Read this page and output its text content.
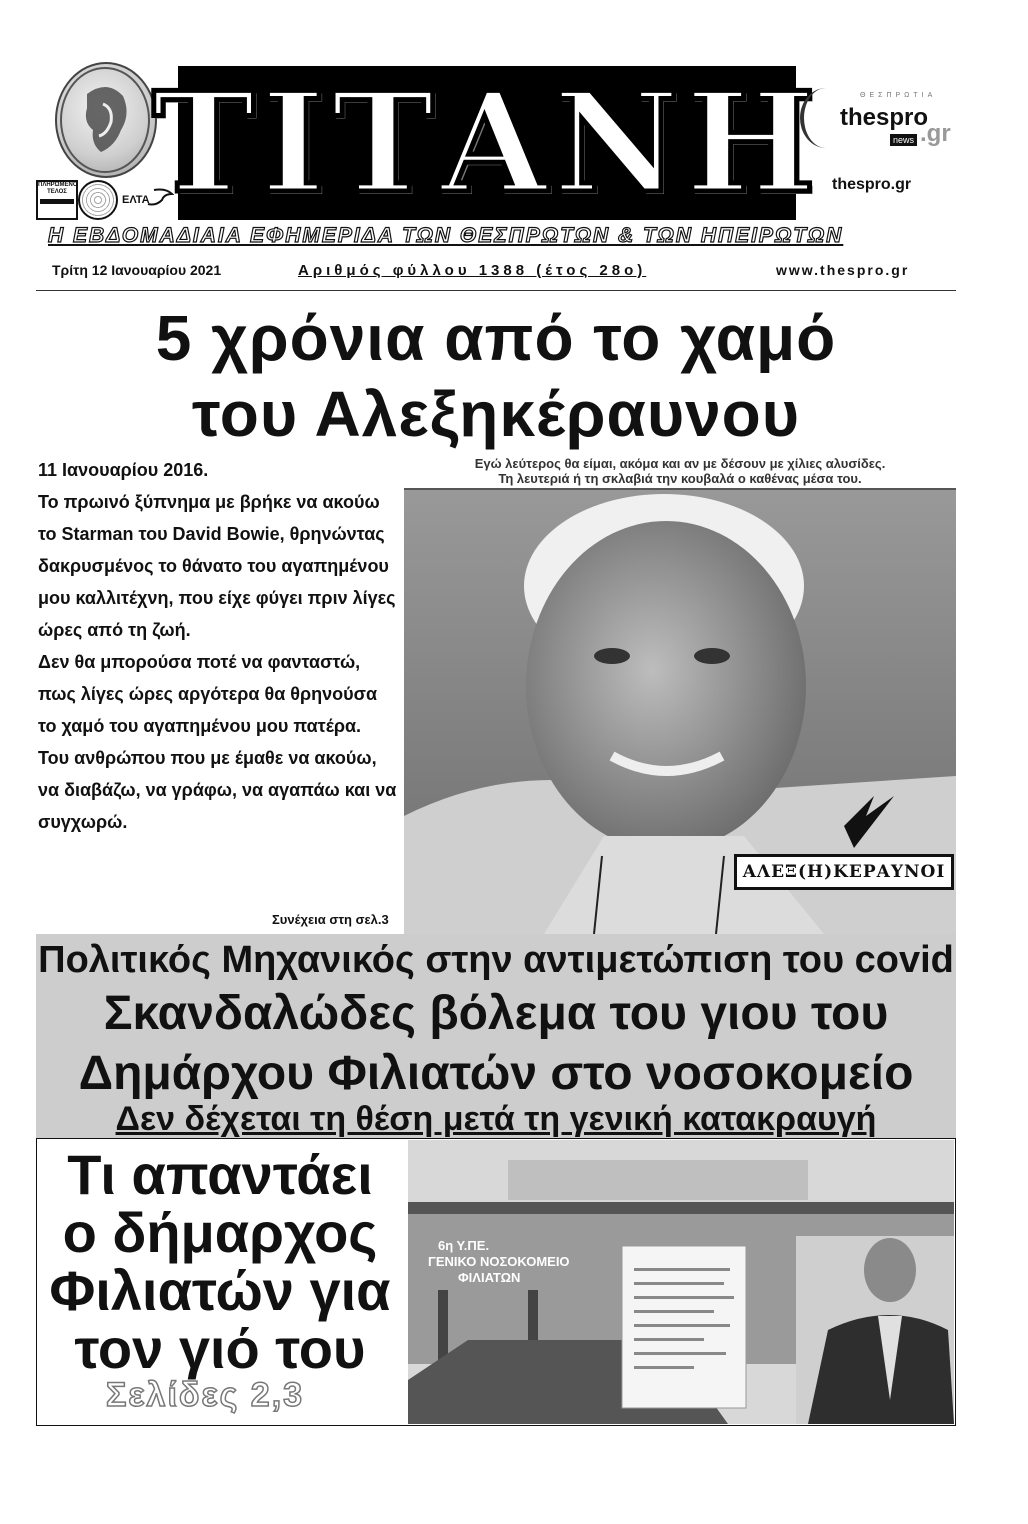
ΠΛΗΡΩΜΕΝΟ
ΤΕΛΟΣ
ΕΛΤΑ ΤΙΤΑΝΗ	ΘΕΣΠΡΩΤΙΑ
thespro
.gr
news
thespro.gr
Η ΕΒΔΟΜΑΔΙΑΙΑ ΕΦΗΜΕΡΙΔΑ ΤΩΝ ΘΕΣΠΡΩΤΩΝ & ΤΩΝ ΗΠΕΙΡΩΤΩΝ
Τρίτη 12 Ιανουαρίου 2021	Αριθμός φύλλου 1388 (έτος 28ο)	www.thespro.gr
5 χρόνια από το χαμό
του Αλεξηκέραυνου

11 Ιανουαρίου 2016.

Το πρωινό ξύπνημα με βρήκε να ακούω το Starman του David Bowie, θρηνώντας δακρυσμένος το θάνατο του αγαπημένου μου καλλιτέχνη, που είχε φύγει πριν λίγες ώρες από τη ζωή.

Δεν θα μπορούσα ποτέ να φανταστώ, πως λίγες ώρες αργότερα θα θρηνούσα το χαμό του αγαπημένου μου πατέρα.

Του ανθρώπου που με έμαθε να ακούω, να διαβάζω, να γράφω, να αγαπάω και να συγχωρώ.

Συνέχεια στη σελ.3
Εγώ λεύτερος θα είμαι, ακόμα και αν με δέσουν με χίλιες αλυσίδες.
Τη λευτεριά ή τη σκλαβιά την κουβαλά ο καθένας μέσα του.
ΑΛΕΞ(Η)ΚΕΡΑΥΝΟΙ
Πολιτικός Μηχανικός στην αντιμετώπιση του covid
Σκανδαλώδες βόλεμα του γιου του
Δημάρχου Φιλιατών στο νοσοκομείο
Δεν δέχεται τη θέση μετά τη γενική κατακραυγή
Τι απαντάει
ο δήμαρχος
Φιλιατών για
τον γιό του
Σελίδες 2,3
6η Υ.ΠΕ.
ΓΕΝΙΚΟ ΝΟΣΟΚΟΜΕΙΟ
ΦΙΛΙΑΤΩΝ
